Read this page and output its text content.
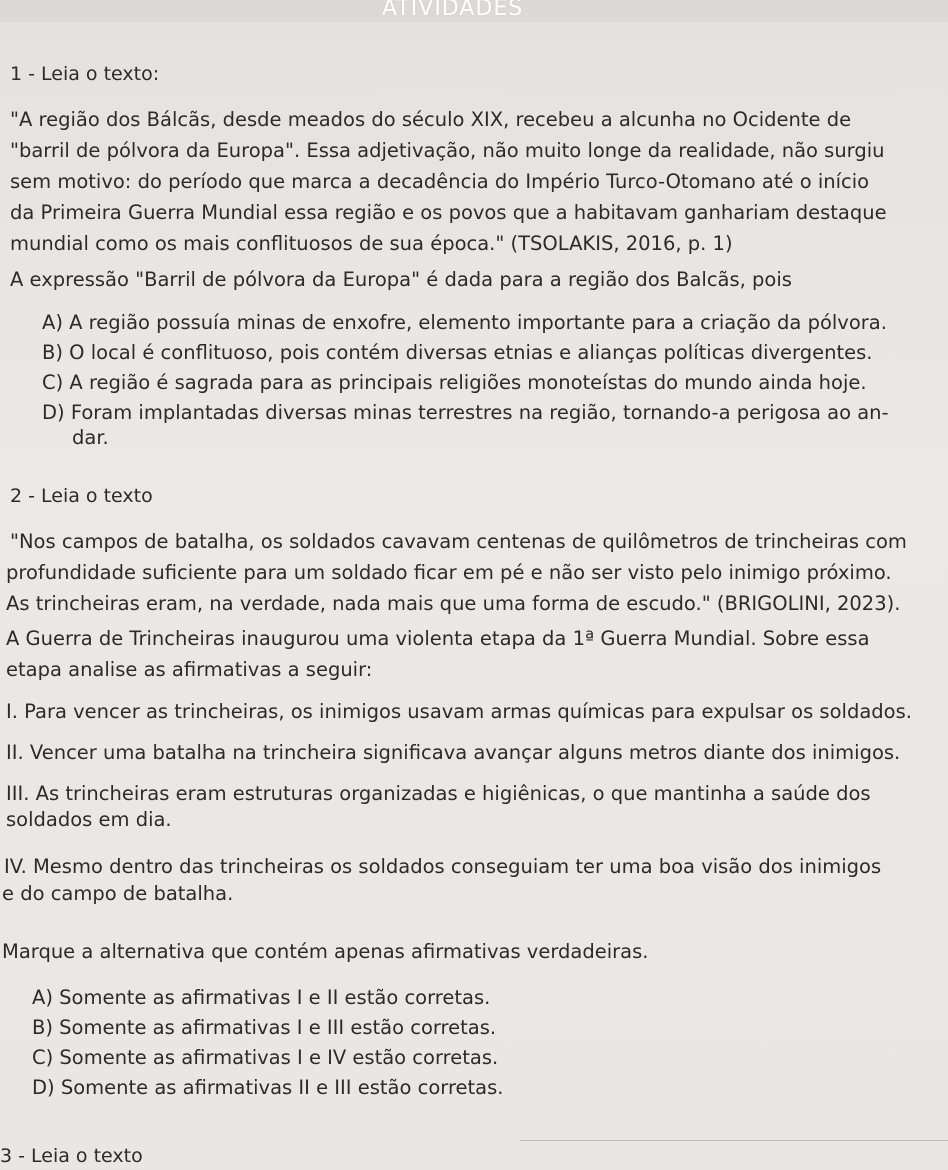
ATIVIDADES
1 - Leia o texto:
"A região dos Bálcãs, desde meados do século XIX, recebeu a alcunha no Ocidente de
"barril de pólvora da Europa". Essa adjetivação, não muito longe da realidade, não surgiu
sem motivo: do período que marca a decadência do Império Turco-Otomano até o início
da Primeira Guerra Mundial essa região e os povos que a habitavam ganhariam destaque
mundial como os mais conflituosos de sua época." (TSOLAKIS, 2016, p. 1)
A expressão "Barril de pólvora da Europa" é dada para a região dos Balcãs, pois
A) A região possuía minas de enxofre, elemento importante para a criação da pólvora.
B) O local é conflituoso, pois contém diversas etnias e alianças políticas divergentes.
C) A região é sagrada para as principais religiões monoteístas do mundo ainda hoje.
D) Foram implantadas diversas minas terrestres na região, tornando-a perigosa ao an-
dar.
2 - Leia o texto
"Nos campos de batalha, os soldados cavavam centenas de quilômetros de trincheiras com
profundidade suficiente para um soldado ficar em pé e não ser visto pelo inimigo próximo.
As trincheiras eram, na verdade, nada mais que uma forma de escudo." (BRIGOLINI, 2023).
A Guerra de Trincheiras inaugurou uma violenta etapa da 1ª Guerra Mundial. Sobre essa
etapa analise as afirmativas a seguir:
I. Para vencer as trincheiras, os inimigos usavam armas químicas para expulsar os soldados.
II. Vencer uma batalha na trincheira significava avançar alguns metros diante dos inimigos.
III. As trincheiras eram estruturas organizadas e higiênicas, o que mantinha a saúde dos
soldados em dia.
IV. Mesmo dentro das trincheiras os soldados conseguiam ter uma boa visão dos inimigos
e do campo de batalha.
Marque a alternativa que contém apenas afirmativas verdadeiras.
A) Somente as afirmativas I e II estão corretas.
B) Somente as afirmativas I e III estão corretas.
C) Somente as afirmativas I e IV estão corretas.
D) Somente as afirmativas II e III estão corretas.
3 - Leia o texto
